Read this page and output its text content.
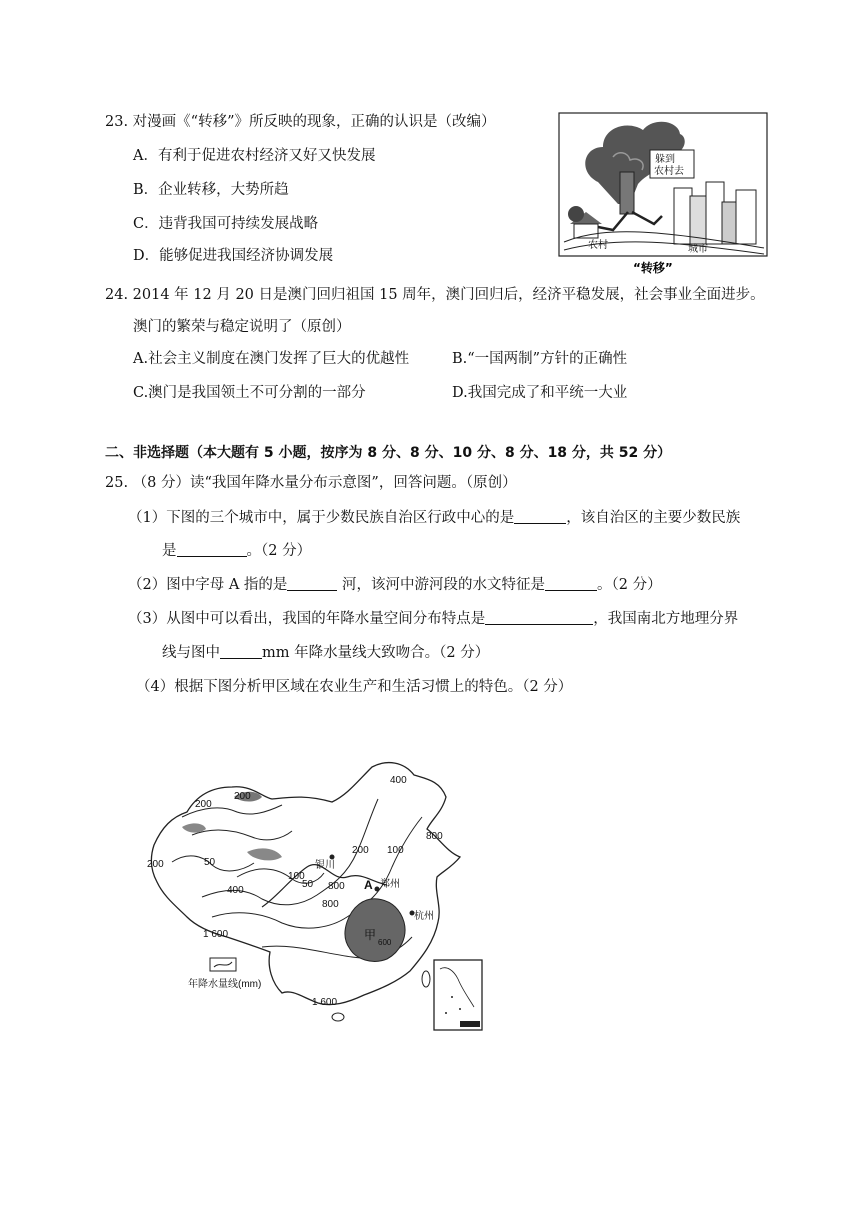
23. 对漫画《“转移”》所反映的现象，正确的认识是（改编）
A．有利于促进农村经济又好又快发展
B．企业转移，大势所趋
C．违背我国可持续发展战略
D．能够促进我国经济协调发展
躲到
农村去
农村	城市
“转移”
24. 2014 年 12 月 20 日是澳门回归祖国 15 周年，澳门回归后，经济平稳发展，社会事业全面进步。
澳门的繁荣与稳定说明了（原创）
A.社会主义制度在澳门发挥了巨大的优越性	B.“一国两制”方针的正确性
C.澳门是我国领土不可分割的一部分	D.我国完成了和平统一大业
二、非选择题（本大题有 5 小题，按序为 8 分、8 分、10 分、8 分、18 分，共 52 分）
25. （8 分）读“我国年降水量分布示意图”，回答问题。（原创）
（1）下图的三个城市中，属于少数民族自治区行政中心的是	，该自治区的主要少数民族
是	。（2 分）
（2）图中字母 A 指的是	河，该河中游河段的水文特征是	。（2 分）
（3）从图中可以看出，我国的年降水量空间分布特点是	，我国南北方地理分界
线与图中	mm 年降水量线大致吻合。（2 分）
（4）根据下图分析甲区域在农业生产和生活习惯上的特色。（2 分）
甲
600
银川
郑州
杭州
A
400
200
200
200	50
800
200 100
100
50
400
800
1 600
800
1 600
年降水量线(mm)
